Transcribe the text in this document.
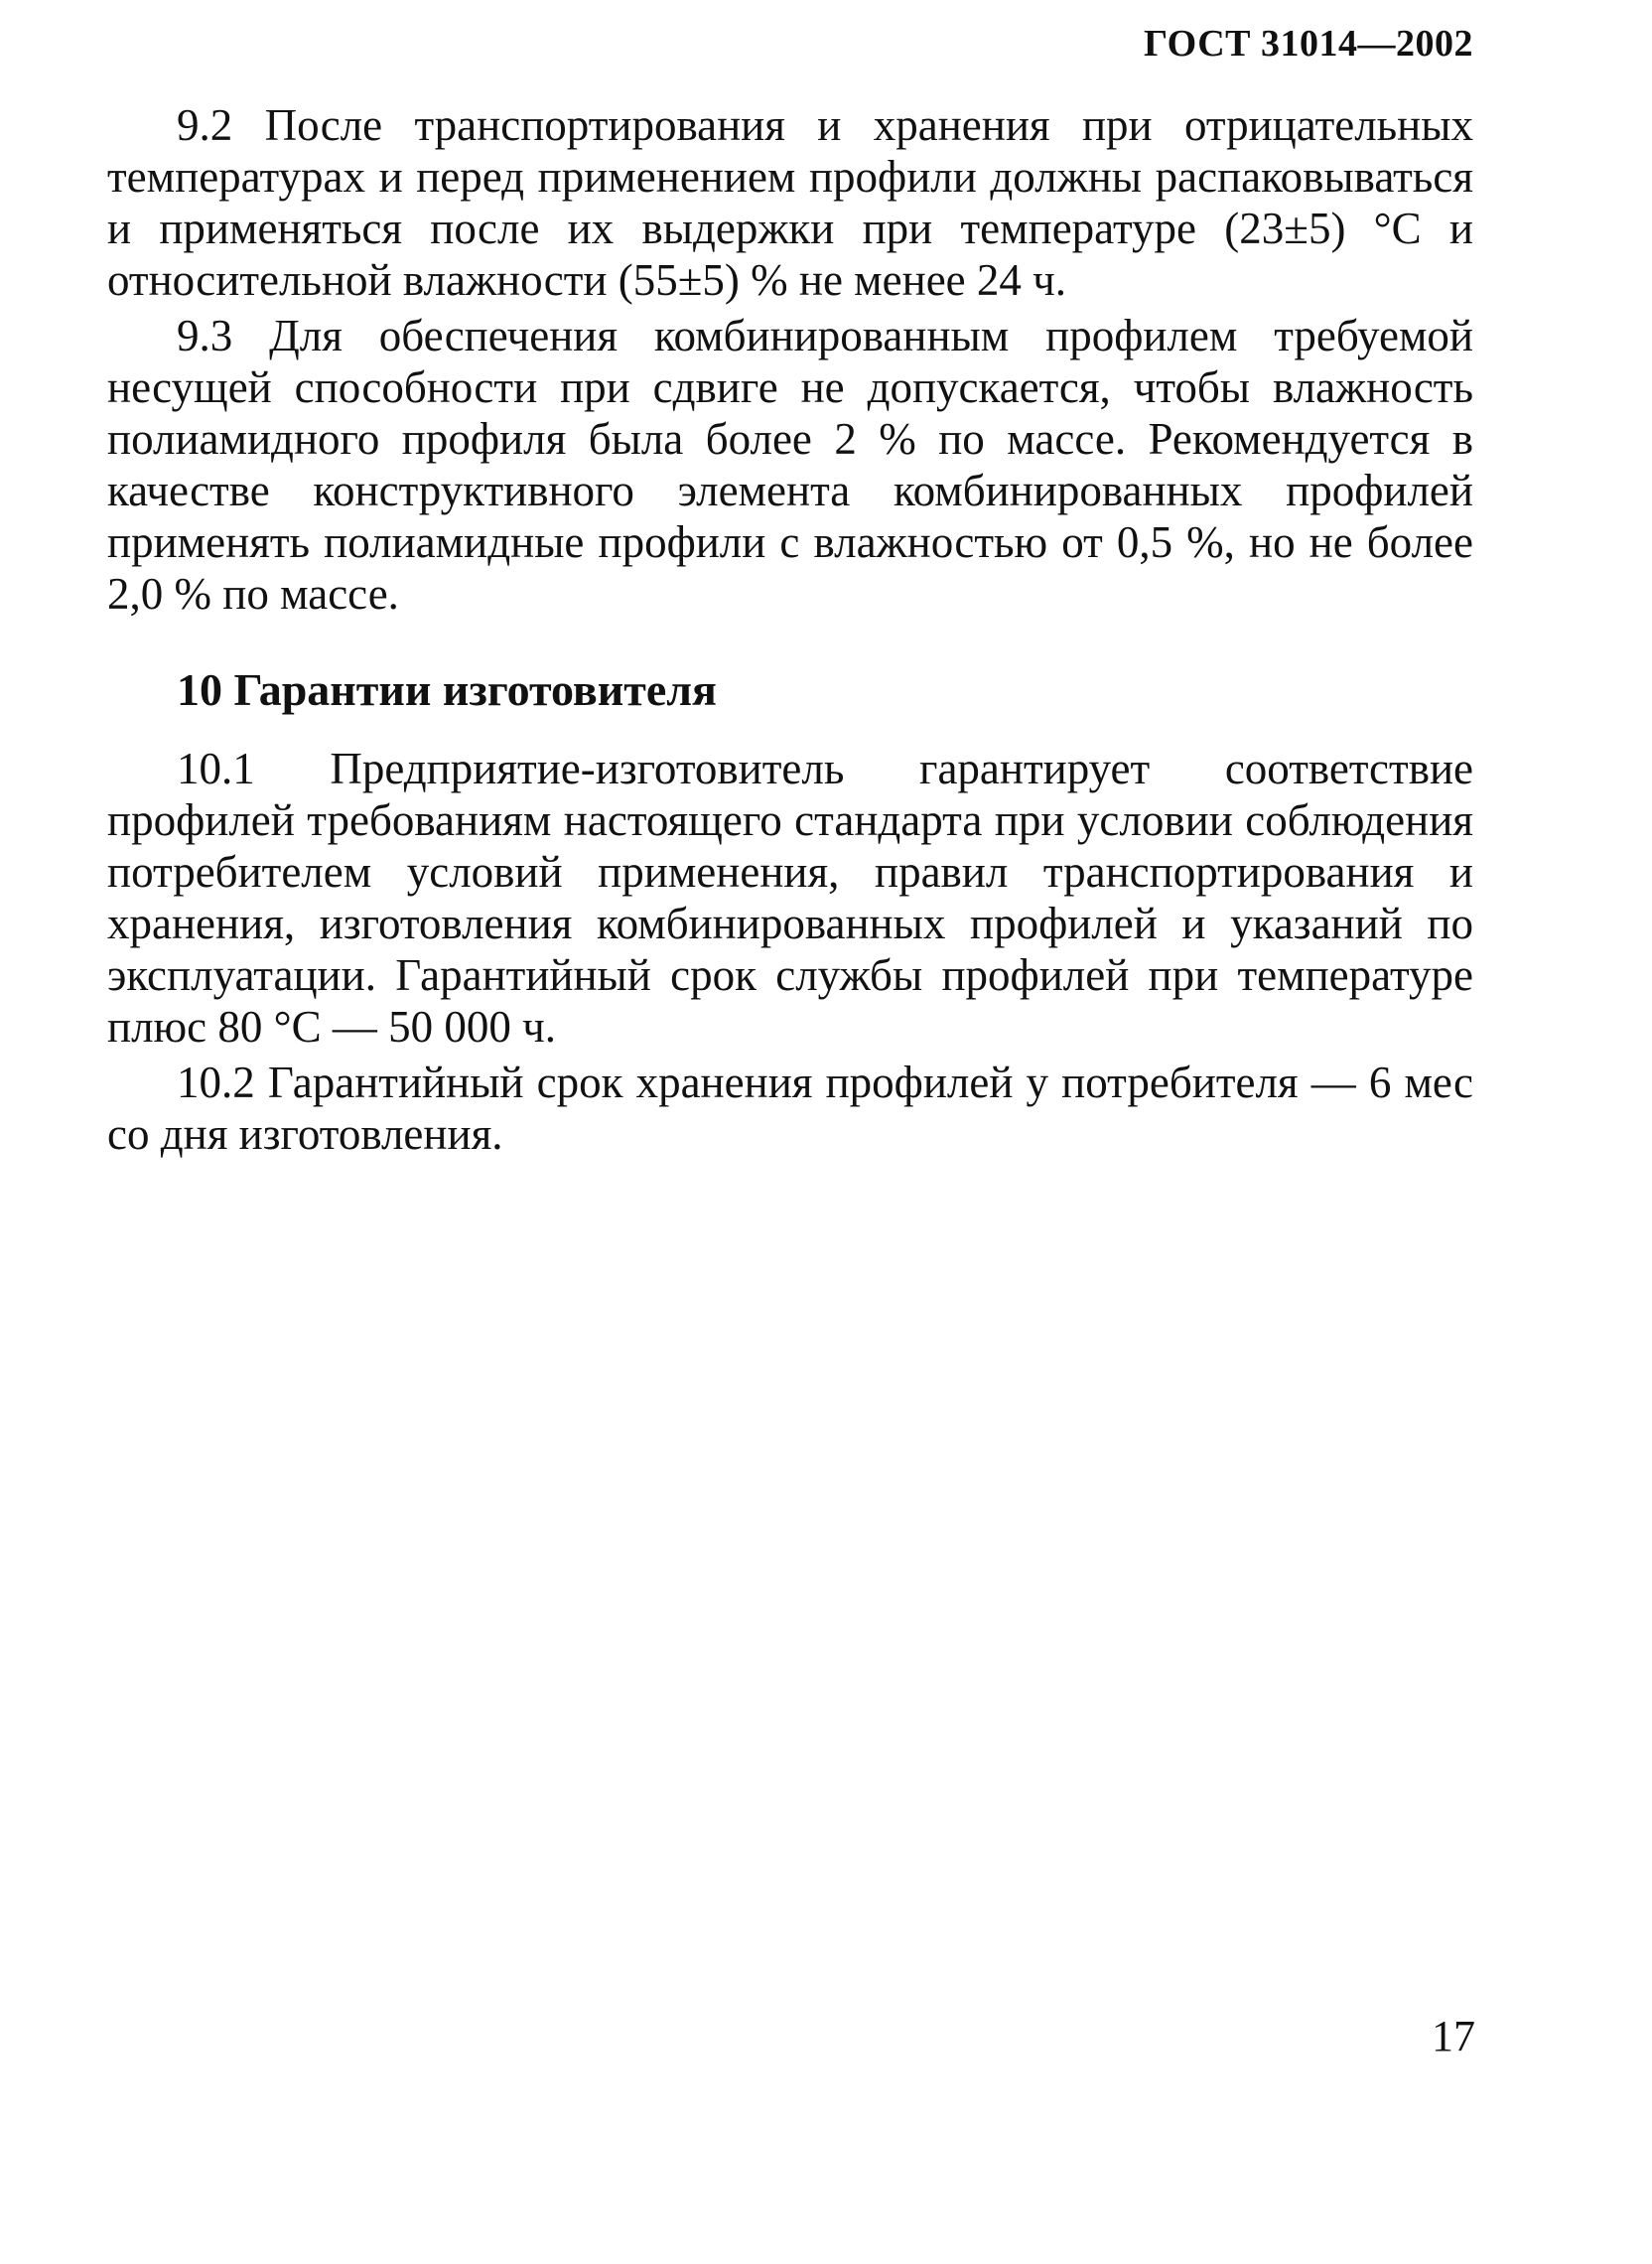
ГОСТ 31014—2002

9.2 После транспортирования и хранения при отрицательных температурах и перед применением профили должны распаковываться и применяться после их выдержки при температуре (23±5) °С и относительной влажности (55±5) % не менее 24 ч.

9.3 Для обеспечения комбинированным профилем требуемой несущей способности при сдвиге не допускается, чтобы влажность полиамидного профиля была более 2 % по массе. Рекомендуется в качестве конструктивного элемента комбинированных профилей применять полиамидные профили с влажностью от 0,5 %, но не более 2,0 % по массе.

10 Гарантии изготовителя

10.1 Предприятие-изготовитель гарантирует соответствие профилей требованиям настоящего стандарта при условии соблюдения потребителем условий применения, правил транспортирования и хранения, изготовления комбинированных профилей и указаний по эксплуатации. Гарантийный срок службы профилей при температуре плюс 80 °С — 50 000 ч.

10.2 Гарантийный срок хранения профилей у потребителя — 6 мес со дня изготовления.

17
